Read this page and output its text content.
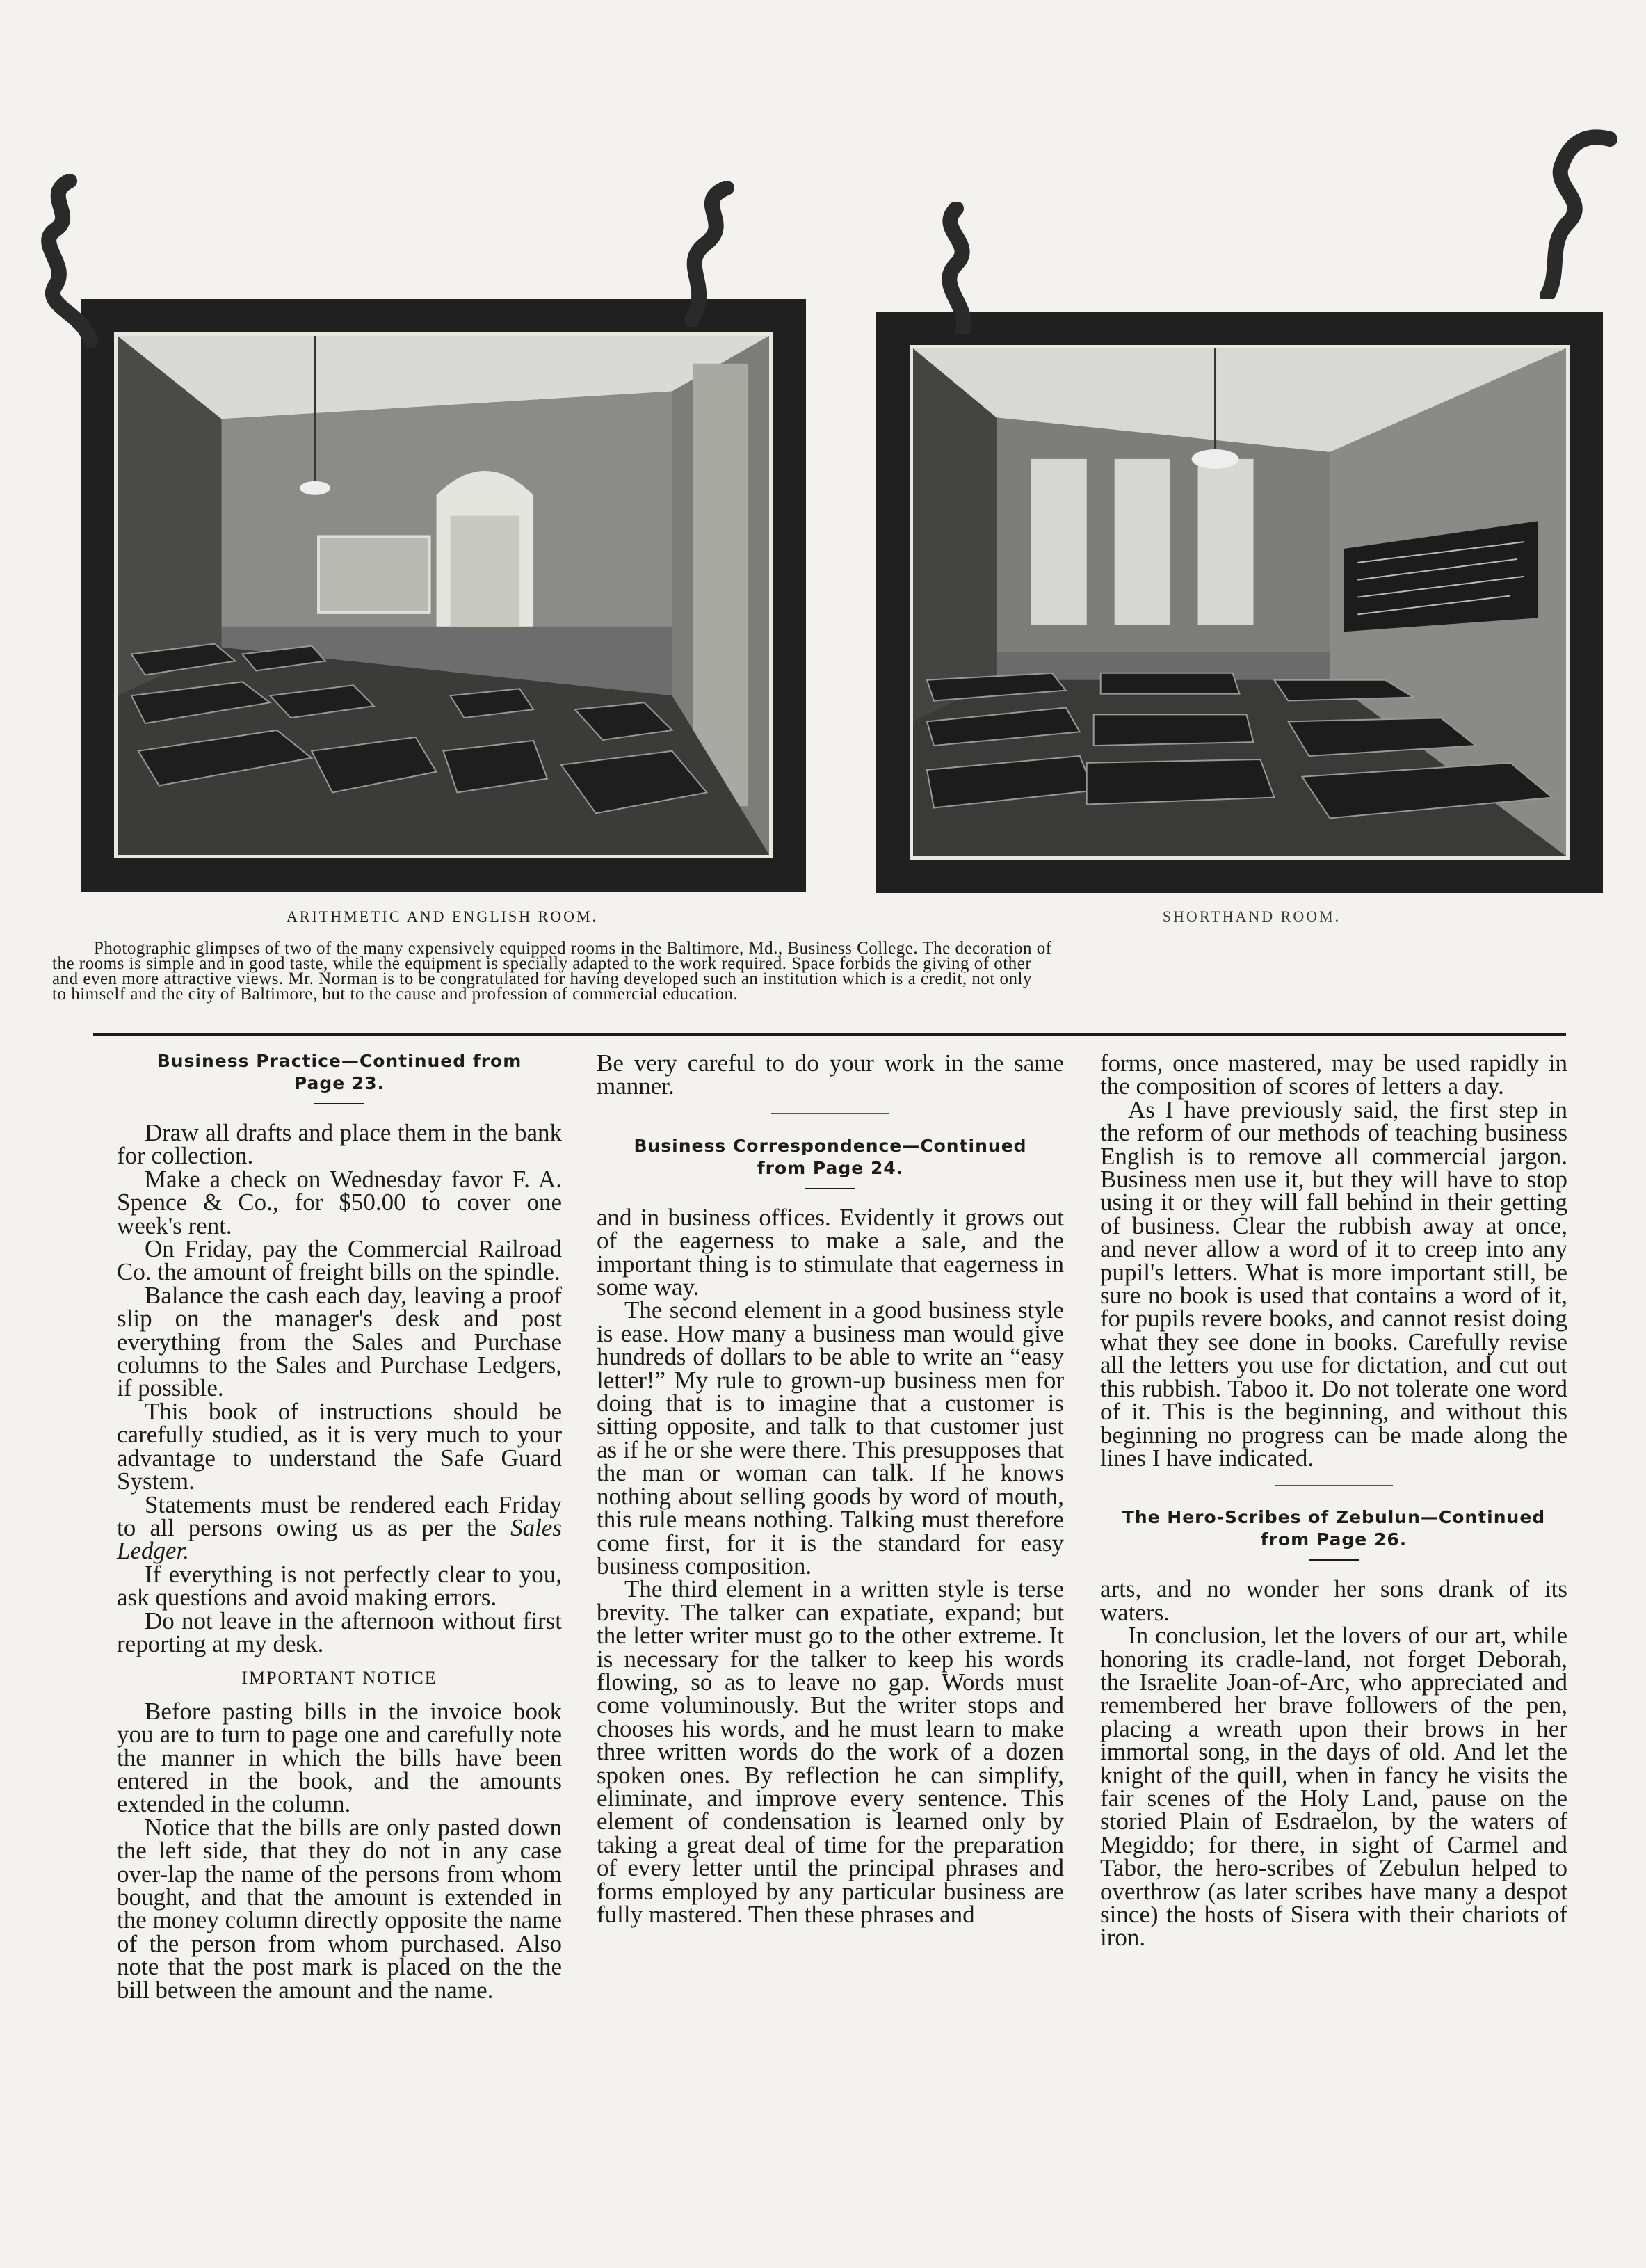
ARITHMETIC AND ENGLISH ROOM.	SHORTHAND ROOM.
Photographic glimpses of two of the many expensively equipped rooms in the Baltimore, Md., Business College. The decoration of
the rooms is simple and in good taste, while the equipment is specially adapted to the work required. Space forbids the giving of other
and even more attractive views. Mr. Norman is to be congratulated for having developed such an institution which is a credit, not only
to himself and the city of Baltimore, but to the cause and profession of commercial education.
Business Practice—Continued from
Page 23.

Draw all drafts and place them in the bank for collection.

Make a check on Wednesday favor F. A. Spence & Co., for $50.00 to cover one week's rent.

On Friday, pay the Commercial Railroad Co. the amount of freight bills on the spindle.

Balance the cash each day, leaving a proof slip on the manager's desk and post everything from the Sales and Purchase columns to the Sales and Purchase Ledgers, if possible.

This book of instructions should be carefully studied, as it is very much to your advantage to understand the Safe Guard System.

Statements must be rendered each Friday to all persons owing us as per the Sales Ledger.

If everything is not perfectly clear to you, ask questions and avoid making errors.

Do not leave in the afternoon without first reporting at my desk.

IMPORTANT NOTICE

Before pasting bills in the invoice book you are to turn to page one and carefully note the manner in which the bills have been entered in the book, and the amounts extended in the column.

Notice that the bills are only pasted down the left side, that they do not in any case over-lap the name of the persons from whom bought, and that the amount is extended in the money column directly opposite the name of the person from whom purchased. Also note that the post mark is placed on the the bill between the amount and the name.

Be very careful to do your work in the same manner.

Business Correspondence—Continued
from Page 24.

and in business offices. Evidently it grows out of the eagerness to make a sale, and the important thing is to stimulate that eagerness in some way.

The second element in a good business style is ease. How many a business man would give hundreds of dollars to be able to write an “easy letter!” My rule to grown-up business men for doing that is to imagine that a customer is sitting opposite, and talk to that customer just as if he or she were there. This presupposes that the man or woman can talk. If he knows nothing about selling goods by word of mouth, this rule means nothing. Talking must therefore come first, for it is the standard for easy business composition.

The third element in a written style is terse brevity. The talker can expatiate, expand; but the letter writer must go to the other extreme. It is necessary for the talker to keep his words flowing, so as to leave no gap. Words must come voluminously. But the writer stops and chooses his words, and he must learn to make three written words do the work of a dozen spoken ones. By reflection he can simplify, eliminate, and improve every sentence. This element of condensation is learned only by taking a great deal of time for the preparation of every letter until the principal phrases and forms employed by any particular business are fully mastered. Then these phrases and

forms, once mastered, may be used rapidly in the composition of scores of letters a day.

As I have previously said, the first step in the reform of our methods of teaching business English is to remove all commercial jargon. Business men use it, but they will have to stop using it or they will fall behind in their getting of business. Clear the rubbish away at once, and never allow a word of it to creep into any pupil's letters. What is more important still, be sure no book is used that contains a word of it, for pupils revere books, and cannot resist doing what they see done in books. Carefully revise all the letters you use for dictation, and cut out this rubbish. Taboo it. Do not tolerate one word of it. This is the beginning, and without this beginning no progress can be made along the lines I have indicated.

The Hero-Scribes of Zebulun—Continued
from Page 26.

arts, and no wonder her sons drank of its waters.

In conclusion, let the lovers of our art, while honoring its cradle-land, not forget Deborah, the Israelite Joan-of-Arc, who appreciated and remembered her brave followers of the pen, placing a wreath upon their brows in her immortal song, in the days of old. And let the knight of the quill, when in fancy he visits the fair scenes of the Holy Land, pause on the storied Plain of Esdraelon, by the waters of Megiddo; for there, in sight of Carmel and Tabor, the hero-scribes of Zebulun helped to overthrow (as later scribes have many a despot since) the hosts of Sisera with their chariots of iron.
